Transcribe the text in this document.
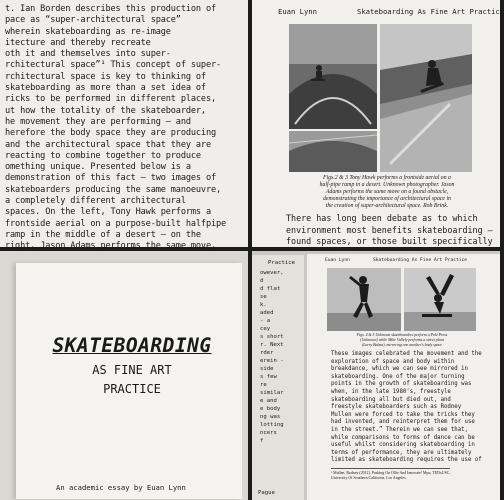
t. Ian Borden describes this production of
pace as “super-architectural space”
wherein skateboarding as re-image
itecture and thereby recreate
oth it and themselves into super-
rchitectural space”¹ This concept of super-
rchitectural space is key to thinking of
skateboarding as more than a set idea of
ricks to be performed in different places,
ut how the totality of the skateboarder,
he movement they are performing — and
herefore the body space they are producing
and the architectural space that they are
reacting to combine together to produce
omething unique. Presented below is a
demonstration of this fact — two images of
skateboarders producing the same manoeuvre,
a completely different architectural
spaces. On the left, Tony Hawk performs a
frontside aerial on a purpose-built halfpipe
ramp in the middle of a desert — on the
right, Jason Adams performs the same move,
Euan Lynn	Skateboarding As Fine Art Practice
Figs.2 & 3 Tony Hawk performs a frontside aerial on a
half-pipe ramp in a desert. Unknown photographer. Jason
Adams performs the same move on a found obstacle,
demonstrating the importance of architectural space in
the creation of super-architectural space. Rob Brink.
There has long been debate as to which
environment most benefits skateboarding —
found spaces, or those built specifically
SKATEBOARDING
AS FINE ART
PRACTICE
An academic essay by Euan Lynn
Practice
owever,
d
d flat
se
k.
aded
- a
cey
s short
r. Next
rder
erein -
side
s few
re
similar
e and
e body
ng was
lotting
ncers
f
Pague
Euan Lynn	Skateboarding As Fine Art Practice
Figs. 4 & 5 Unknown skateboarders perform a Pole Press
(Unknown) while Mike Vallely performs a street plant
(Larry Balma), mirroring one another's body space
These images celebrated the movement and the
exploration of space and body within
breakdance, which we can see mirrored in
skateboarding. One of the major turning
points in the growth of skateboarding was
when, in the late 1980's, freestyle
skateboarding all but died out, and
freestyle skateboarders such as Rodney
Mullen were forced to take the tricks they
had invented, and reinterpret them for use
in the street.” Therein we can see that,
while comparisons to forms of dance can be
useful whilst considering skateboarding in
terms of performance, they are ultimately
limited as skateboarding requires the use of
¹ Mullen, Rodney (2012). Pushing On Ollie And Innovate! Mpu, TEDxUSC,
University Of Southern California, Los Angeles.
